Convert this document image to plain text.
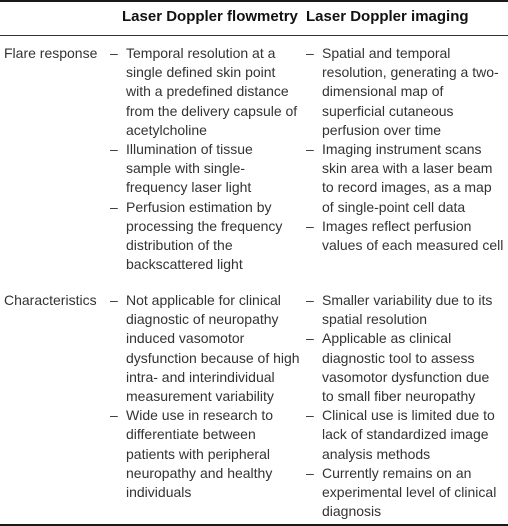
Laser Doppler flowmetry Laser Doppler imaging
Flare response	– Temporal resolution at a single defined skin point with a predefined distance from the delivery capsule of acetylcholine
– Illumination of tissue sample with single-frequency laser light
– Perfusion estimation by processing the frequency distribution of the backscattered light
– Spatial and temporal resolution, generating a two-dimensional map of superficial cutaneous perfusion over time
– Imaging instrument scans skin area with a laser beam to record images, as a map of single-point cell data
– Images reflect perfusion values of each measured cell
Characteristics	– Not applicable for clinical diagnostic of neuropathy induced vasomotor dysfunction because of high intra- and interindividual measurement variability
– Wide use in research to differentiate between patients with peripheral neuropathy and healthy individuals
– Smaller variability due to its spatial resolution
– Applicable as clinical diagnostic tool to assess vasomotor dysfunction due to small fiber neuropathy
– Clinical use is limited due to lack of standardized image analysis methods
– Currently remains on an experimental level of clinical diagnosis
